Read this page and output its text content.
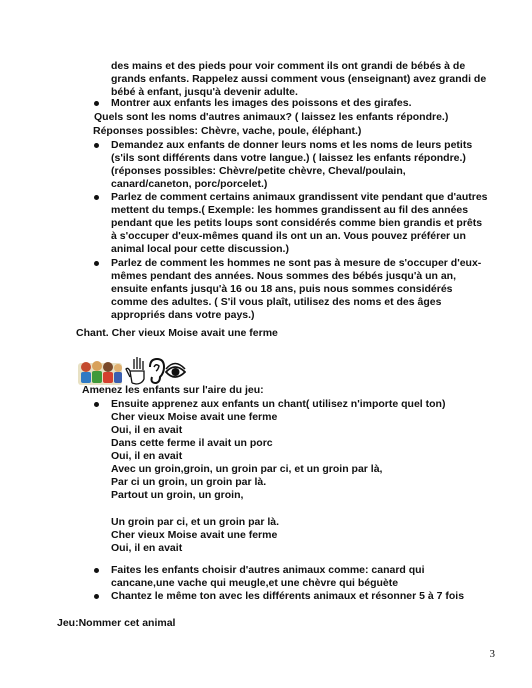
des mains et des pieds pour voir comment ils ont grandi de bébés à de
grands enfants. Rappelez aussi comment vous (enseignant) avez grandi de
bébé à enfant, jusqu'à devenir adulte.
Montrer aux enfants les images des poissons et des girafes.
Quels sont les noms d'autres animaux? ( laissez les enfants répondre.)
Réponses possibles: Chèvre, vache, poule, éléphant.)
Demandez aux enfants de donner leurs noms et les noms de leurs petits
(s'ils sont différents dans votre langue.) ( laissez les enfants répondre.)
(réponses possibles: Chèvre/petite chèvre, Cheval/poulain,
canard/caneton, porc/porcelet.)
Parlez de comment certains animaux grandissent vite pendant que d'autres
mettent du temps.( Exemple: les hommes grandissent au fil des années
pendant que les petits loups sont considérés comme bien grandis et prêts
à s'occuper d'eux-mêmes quand ils ont un an. Vous pouvez préférer un
animal local pour cette discussion.)
Parlez de comment les hommes ne sont pas à mesure de s'occuper d'eux-
mêmes pendant des années. Nous sommes des bébés jusqu'à un an,
ensuite enfants jusqu'à 16 ou 18 ans, puis nous sommes considérés
comme des adultes. ( S'il vous plaît, utilisez des noms et des âges
appropriés dans votre pays.)
Chant. Cher vieux Moise avait une ferme
Amenez les enfants sur l'aire du jeu:
Ensuite apprenez aux enfants un chant( utilisez n'importe quel ton)
Cher vieux Moise avait une ferme
Oui, il en avait
Dans cette ferme il avait un porc
Oui, il en avait
Avec un groin,groin, un groin par ci, et un groin par là,
Par ci un groin, un groin par là.
Partout un groin, un groin,
Un groin par ci, et un groin par là.
Cher vieux Moise avait une ferme
Oui, il en avait
Faites les enfants choisir d'autres animaux comme: canard qui
cancane,une vache qui meugle,et une chèvre qui béguète
Chantez le même ton avec les différents animaux et résonner 5 à 7 fois
Jeu:Nommer cet animal
3
